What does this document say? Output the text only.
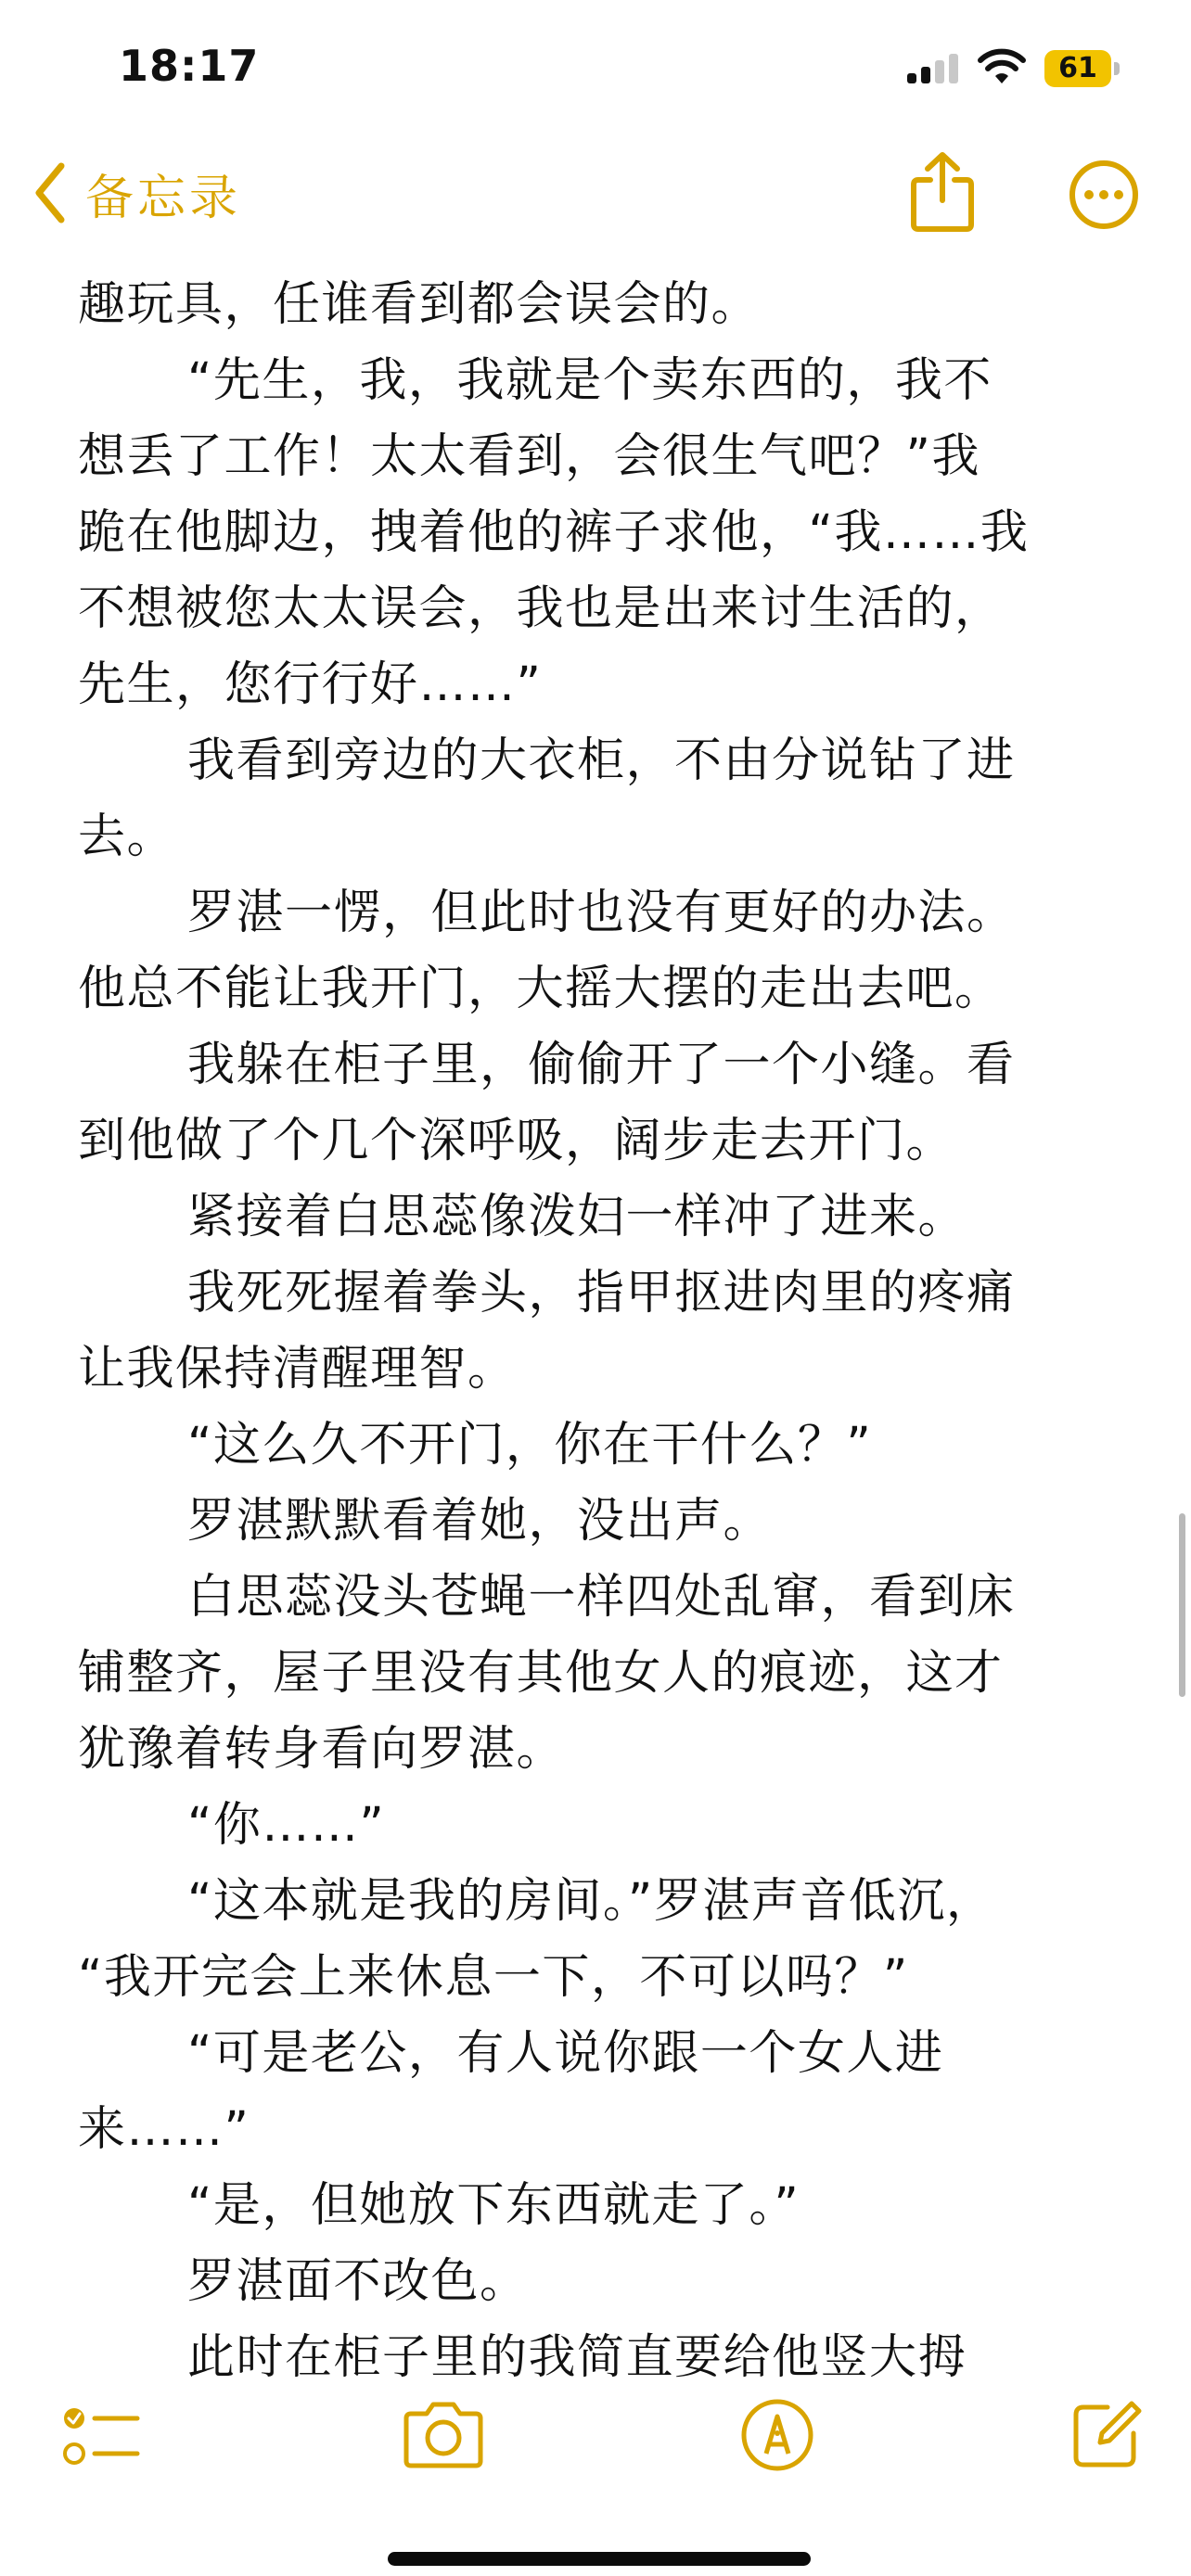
18:17	61
备忘录
趣玩具，任谁看到都会误会的。
“先生，我，我就是个卖东西的，我不
想丢了工作！太太看到，会很生气吧？”我
跪在他脚边，拽着他的裤子求他，“我……我
不想被您太太误会，我也是出来讨生活的，
先生，您行行好……”
我看到旁边的大衣柜，不由分说钻了进
去。
罗湛一愣，但此时也没有更好的办法。
他总不能让我开门，大摇大摆的走出去吧。
我躲在柜子里，偷偷开了一个小缝。看
到他做了个几个深呼吸，阔步走去开门。
紧接着白思蕊像泼妇一样冲了进来。
我死死握着拳头，指甲抠进肉里的疼痛
让我保持清醒理智。
“这么久不开门，你在干什么？”
罗湛默默看着她，没出声。
白思蕊没头苍蝇一样四处乱窜，看到床
铺整齐，屋子里没有其他女人的痕迹，这才
犹豫着转身看向罗湛。
“你……”
“这本就是我的房间。”罗湛声音低沉，
“我开完会上来休息一下，不可以吗？”
“可是老公，有人说你跟一个女人进
来……”
“是，但她放下东西就走了。”
罗湛面不改色。
此时在柜子里的我简直要给他竖大拇
